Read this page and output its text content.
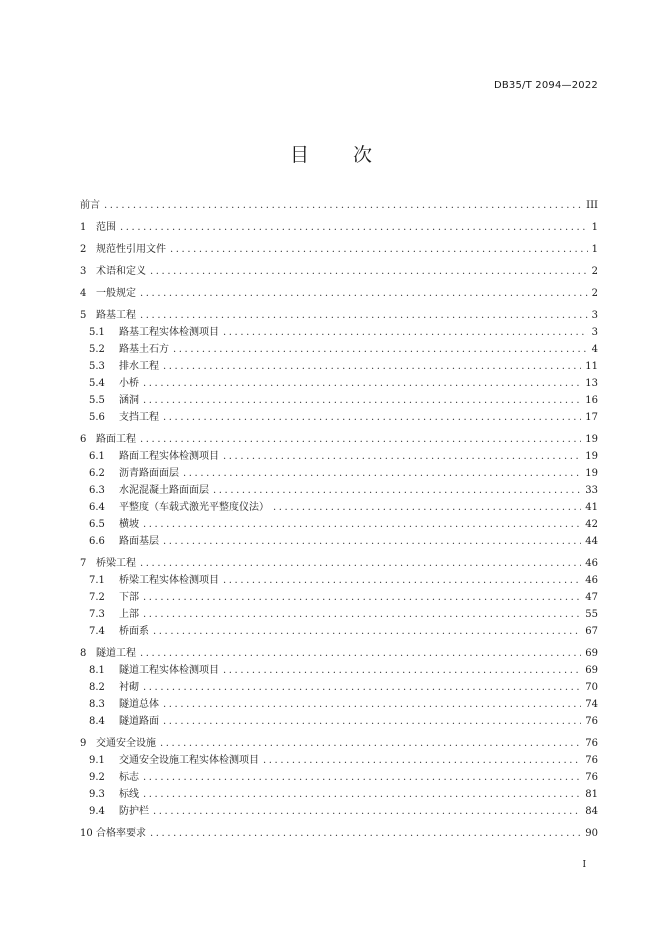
DB35/T 2094—2022
目 次
前言 .....	III
1 范围 .....	1
2 规范性引用文件 .....	1
3 术语和定义 .....	2
4 一般规定 .....	2
5 路基工程 .....	3
5.1 路基工程实体检测项目 .....	3
5.2 路基土石方 .....	4
5.3 排水工程 .....	11
5.4 小桥 .....	13
5.5 涵洞 .....	16
5.6 支挡工程 .....	17
6 路面工程 .....	19
6.1 路面工程实体检测项目 .....	19
6.2 沥青路面面层 .....	19
6.3 水泥混凝土路面面层 .....	33
6.4 平整度（车载式激光平整度仪法） .....	41
6.5 横坡 .....	42
6.6 路面基层 .....	44
7 桥梁工程 .....	46
7.1 桥梁工程实体检测项目 .....	46
7.2 下部 .....	47
7.3 上部 .....	55
7.4 桥面系 .....	67
8 隧道工程 .....	69
8.1 隧道工程实体检测项目 .....	69
8.2 衬砌 .....	70
8.3 隧道总体 .....	74
8.4 隧道路面 .....	76
9 交通安全设施 .....	76
9.1 交通安全设施工程实体检测项目 .....	76
9.2 标志 .....	76
9.3 标线 .....	81
9.4 防护栏 .....	84
10 合格率要求 .....	90
I
